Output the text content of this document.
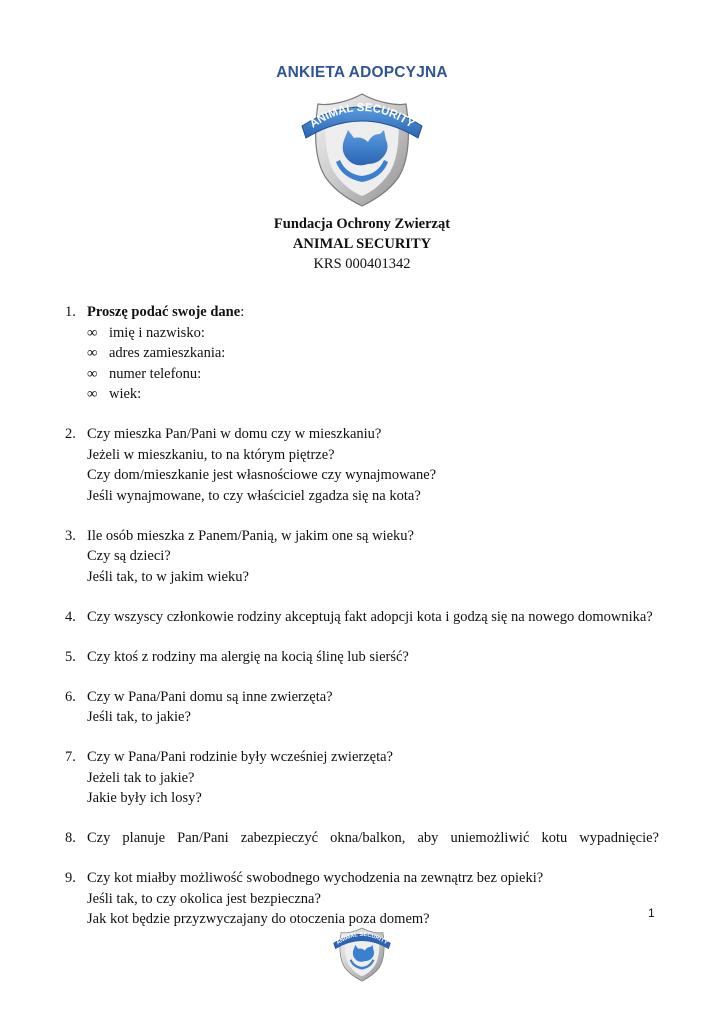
ANKIETA ADOPCYJNA
ANIMAL SECURITY
Fundacja Ochrony Zwierząt
ANIMAL SECURITY
KRS 000401342
1. Proszę podać swoje dane:
∞ imię i nazwisko:
∞ adres zamieszkania:
∞ numer telefonu:
∞ wiek:
2. Czy mieszka Pan/Pani w domu czy w mieszkaniu?
Jeżeli w mieszkaniu, to na którym piętrze?
Czy dom/mieszkanie jest własnościowe czy wynajmowane?
Jeśli wynajmowane, to czy właściciel zgadza się na kota?
3. Ile osób mieszka z Panem/Panią, w jakim one są wieku?
Czy są dzieci?
Jeśli tak, to w jakim wieku?
4. Czy wszyscy członkowie rodziny akceptują fakt adopcji kota i godzą się na nowego domownika?
5. Czy ktoś z rodziny ma alergię na kocią ślinę lub sierść?
6. Czy w Pana/Pani domu są inne zwierzęta?
Jeśli tak, to jakie?
7. Czy w Pana/Pani rodzinie były wcześniej zwierzęta?
Jeżeli tak to jakie?
Jakie były ich losy?
8. Czy planuje Pan/Pani zabezpieczyć okna/balkon, aby uniemożliwić kotu wypadnięcie?
9. Czy kot miałby możliwość swobodnego wychodzenia na zewnątrz bez opieki?
Jeśli tak, to czy okolica jest bezpieczna?
Jak kot będzie przyzwyczajany do otoczenia poza domem?	1
ANIMAL SECURITY
